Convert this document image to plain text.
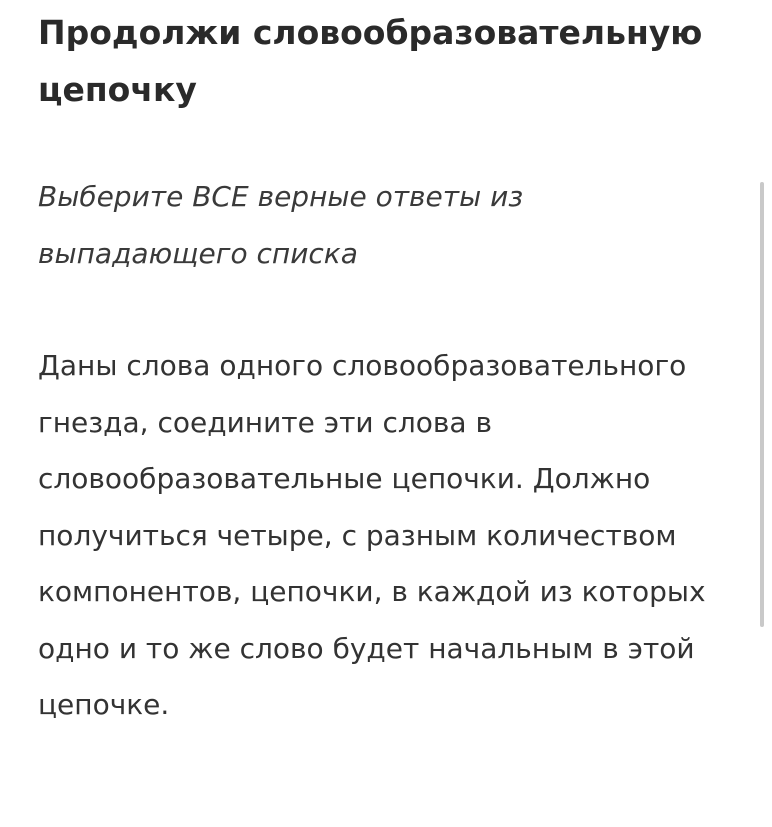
Продолжи словообразовательную цепочку

Выберите ВСЕ верные ответы из выпадающего списка

Даны слова одного словообразовательного гнезда, соедините эти слова в словообразовательные цепочки. Должно получиться четыре, с разным количеством компонентов, цепочки, в каждой из которых одно и то же слово будет начальным в этой цепочке.
